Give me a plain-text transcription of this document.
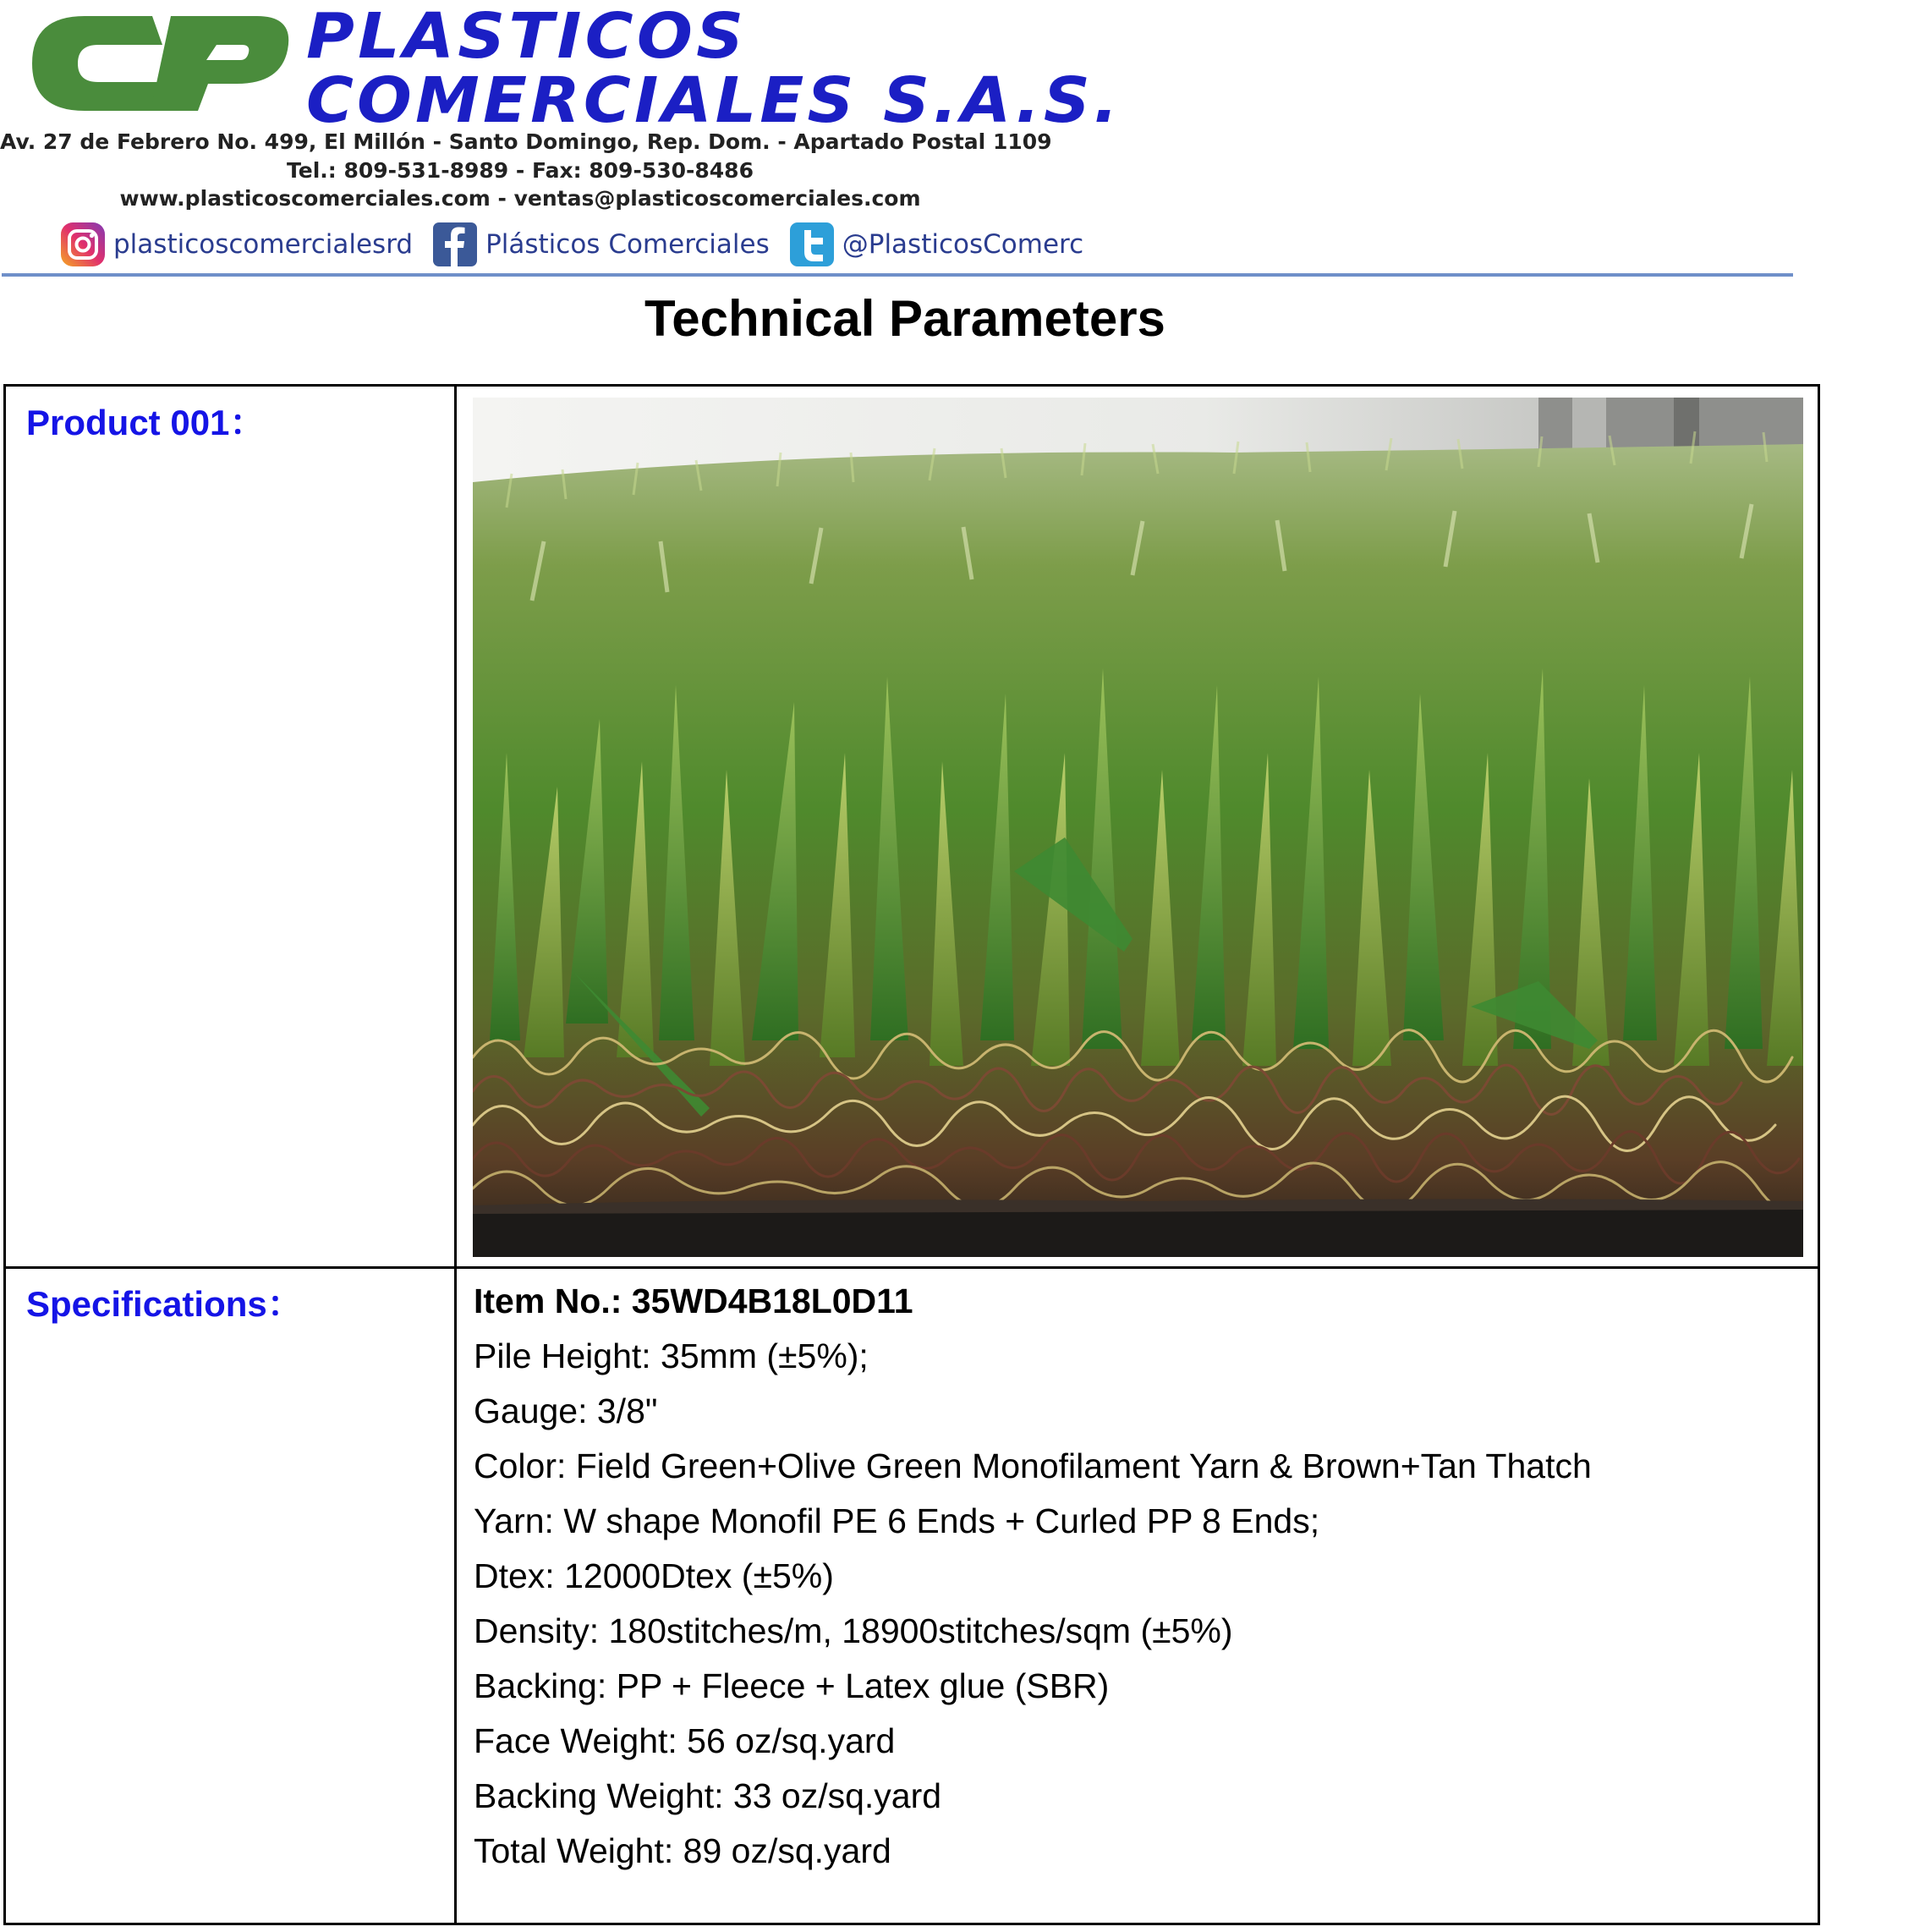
CP	PLASTICOS
COMERCIALES S.A.S.
Av. 27 de Febrero No. 499, El Millón - Santo Domingo, Rep. Dom. - Apartado Postal 1109
Tel.: 809-531-8989 - Fax: 809-530-8486
www.plasticoscomerciales.com - ventas@plasticoscomerciales.com
plasticoscomercialesrd	Plásticos Comerciales	@PlasticosComerc
Technical Parameters
Product 001：
Specifications：	Item No.: 35WD4B18L0D11
Pile Height: 35mm (±5%);
Gauge: 3/8"
Color: Field Green+Olive Green Monofilament Yarn & Brown+Tan Thatch
Yarn: W shape Monofil PE 6 Ends + Curled PP 8 Ends;
Dtex: 12000Dtex (±5%)
Density: 180stitches/m, 18900stitches/sqm (±5%)
Backing: PP + Fleece + Latex glue (SBR)
Face Weight: 56 oz/sq.yard
Backing Weight: 33 oz/sq.yard
Total Weight: 89 oz/sq.yard
